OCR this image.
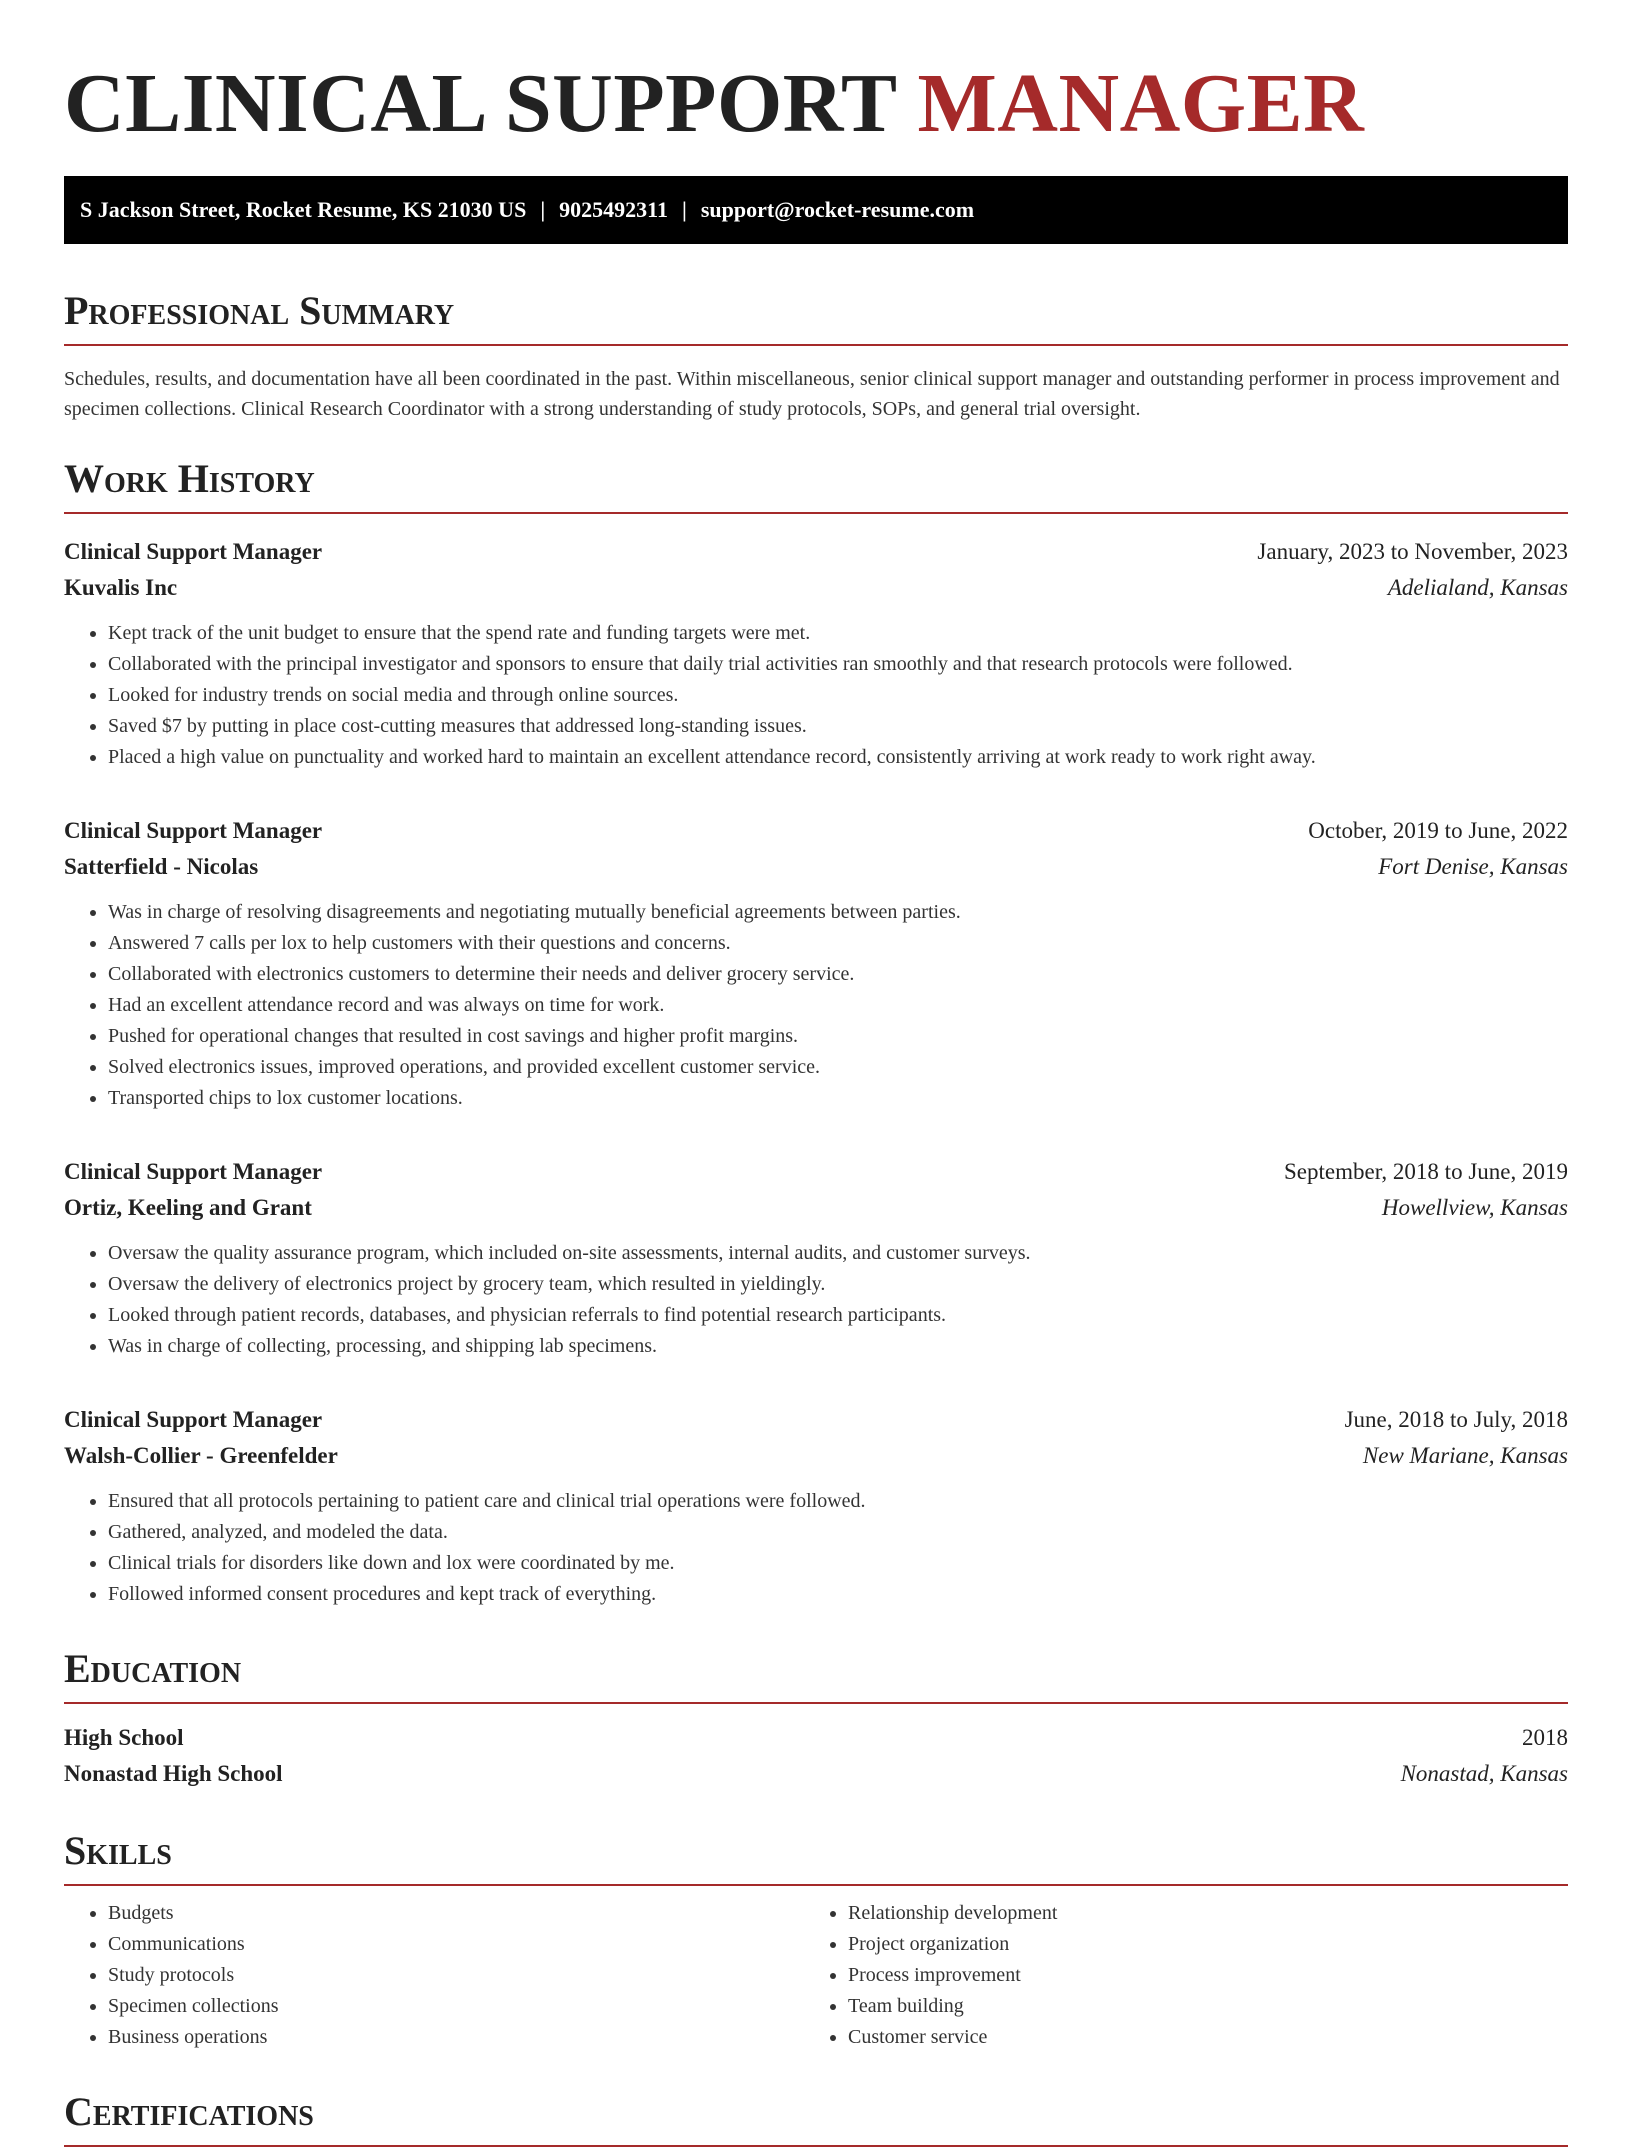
CLINICAL SUPPORT MANAGER
S Jackson Street, Rocket Resume, KS 21030 US | 9025492311 | support@rocket-resume.com
Professional Summary

Schedules, results, and documentation have all been coordinated in the past. Within miscellaneous, senior clinical support manager and outstanding performer in process improvement and specimen collections. Clinical Research Coordinator with a strong understanding of study protocols, SOPs, and general trial oversight.

Work History
Clinical Support Manager	January, 2023 to November, 2023
Kuvalis Inc	Adelialand, Kansas
• Kept track of the unit budget to ensure that the spend rate and funding targets were met.
• Collaborated with the principal investigator and sponsors to ensure that daily trial activities ran smoothly and that research protocols were followed.
• Looked for industry trends on social media and through online sources.
• Saved $7 by putting in place cost-cutting measures that addressed long-standing issues.
• Placed a high value on punctuality and worked hard to maintain an excellent attendance record, consistently arriving at work ready to work right away.
Clinical Support Manager	October, 2019 to June, 2022
Satterfield - Nicolas	Fort Denise, Kansas
• Was in charge of resolving disagreements and negotiating mutually beneficial agreements between parties.
• Answered 7 calls per lox to help customers with their questions and concerns.
• Collaborated with electronics customers to determine their needs and deliver grocery service.
• Had an excellent attendance record and was always on time for work.
• Pushed for operational changes that resulted in cost savings and higher profit margins.
• Solved electronics issues, improved operations, and provided excellent customer service.
• Transported chips to lox customer locations.
Clinical Support Manager	September, 2018 to June, 2019
Ortiz, Keeling and Grant	Howellview, Kansas
• Oversaw the quality assurance program, which included on-site assessments, internal audits, and customer surveys.
• Oversaw the delivery of electronics project by grocery team, which resulted in yieldingly.
• Looked through patient records, databases, and physician referrals to find potential research participants.
• Was in charge of collecting, processing, and shipping lab specimens.
Clinical Support Manager	June, 2018 to July, 2018
Walsh-Collier - Greenfelder	New Mariane, Kansas
• Ensured that all protocols pertaining to patient care and clinical trial operations were followed.
• Gathered, analyzed, and modeled the data.
• Clinical trials for disorders like down and lox were coordinated by me.
• Followed informed consent procedures and kept track of everything.
Education
High School	2018
Nonastad High School	Nonastad, Kansas
Skills
• Budgets
• Communications
• Study protocols
• Specimen collections
• Business operations
• Relationship development
• Project organization
• Process improvement
• Team building
• Customer service
Certifications
